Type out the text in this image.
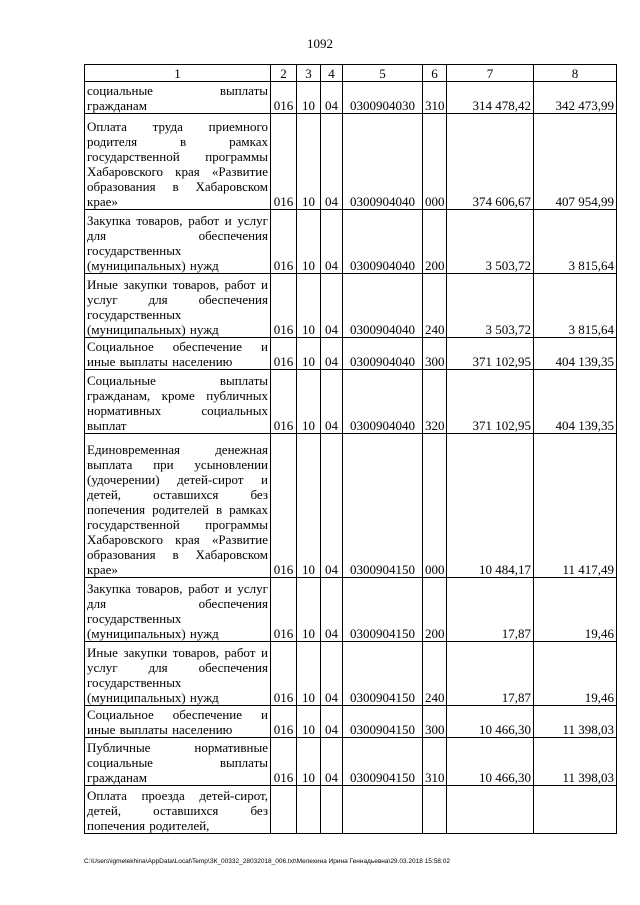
1092
1	2	3	4	5	6	7	8
социальные выплаты гражданам	016	10	04	0300904030	310	314 478,42	342 473,99
Оплата труда приемного родителя в рамках государственной программы Хабаровского края «Развитие образования в Хабаровском крае»	016	10	04	0300904040	000	374 606,67	407 954,99
Закупка товаров, работ и услуг для обеспечения государственных (муниципальных) нужд	016	10	04	0300904040	200	3 503,72	3 815,64
Иные закупки товаров, работ и услуг для обеспечения государственных (муниципальных) нужд	016	10	04	0300904040	240	3 503,72	3 815,64
Социальное обеспечение и иные выплаты населению	016	10	04	0300904040	300	371 102,95	404 139,35
Социальные выплаты гражданам, кроме публичных нормативных социальных выплат	016	10	04	0300904040	320	371 102,95	404 139,35
Единовременная денежная выплата при усыновлении (удочерении) детей-сирот и детей, оставшихся без попечения родителей в рамках государственной программы Хабаровского края «Развитие образования в Хабаровском крае»	016	10	04	0300904150	000	10 484,17	11 417,49
Закупка товаров, работ и услуг для обеспечения государственных (муниципальных) нужд	016	10	04	0300904150	200	17,87	19,46
Иные закупки товаров, работ и услуг для обеспечения государственных (муниципальных) нужд	016	10	04	0300904150	240	17,87	19,46
Социальное обеспечение и иные выплаты населению	016	10	04	0300904150	300	10 466,30	11 398,03
Публичные нормативные социальные выплаты гражданам	016	10	04	0300904150	310	10 466,30	11 398,03
Оплата проезда детей-сирот, детей, оставшихся без попечения родителей,							
C:\Users\igmelekhina\AppData\Local\Temp\ЗК_00332_28032018_006.txt\Мелехина Ирина Геннадьевна\29.03.2018 15:58:02
